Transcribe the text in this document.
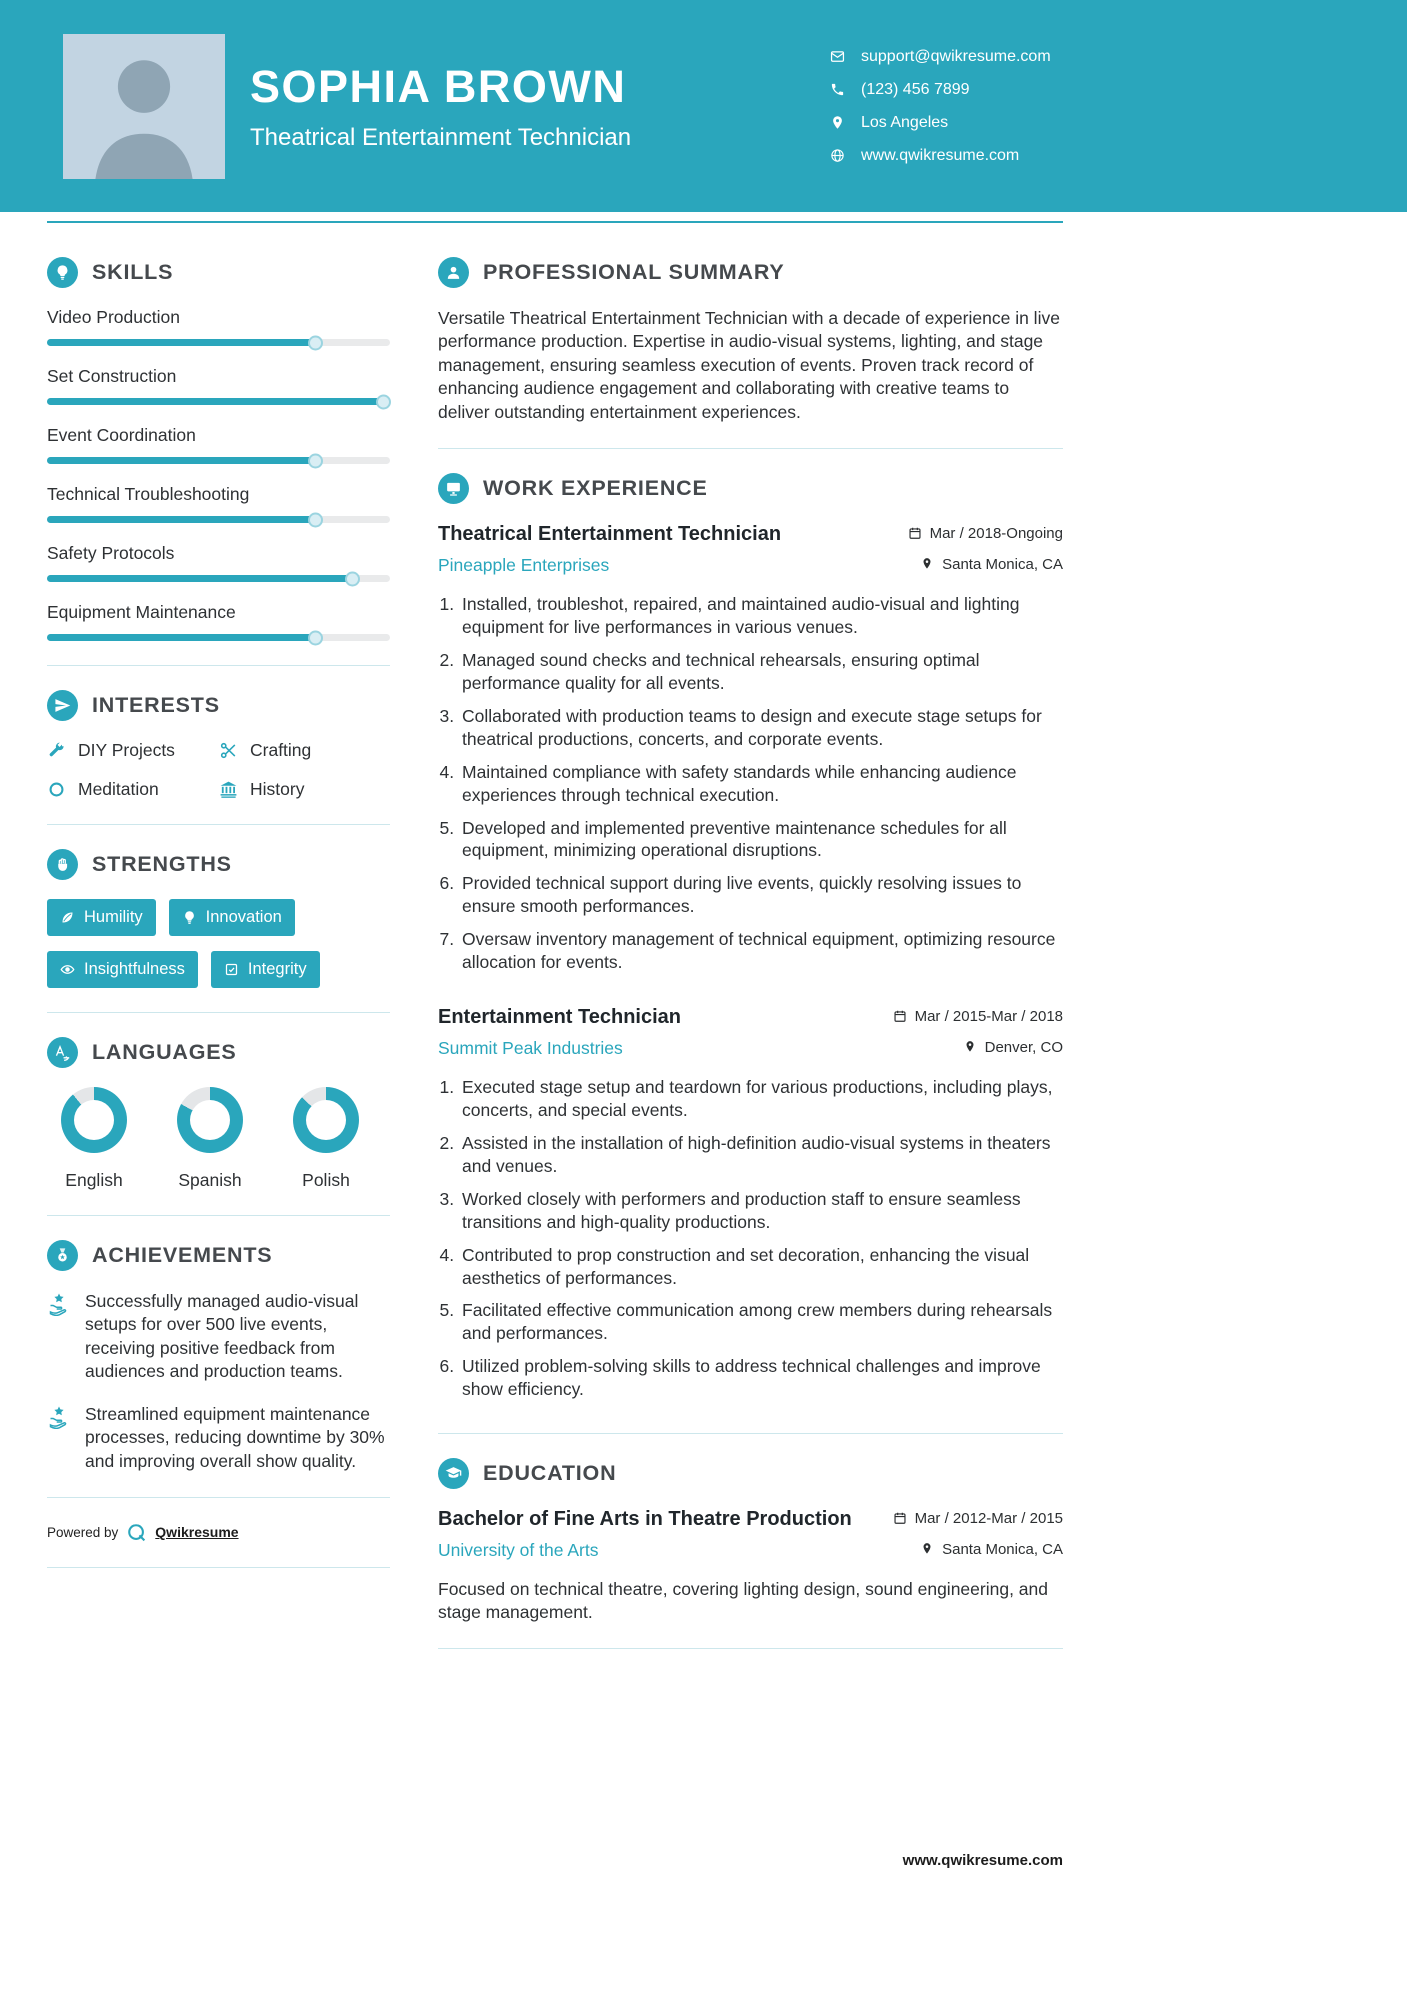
SOPHIA BROWN
Theatrical Entertainment Technician
support@qwikresume.com
(123) 456 7899
Los Angeles
www.qwikresume.com
SKILLS
Video Production
Set Construction
Event Coordination
Technical Troubleshooting
Safety Protocols
Equipment Maintenance
INTERESTS
DIY Projects	Crafting
Meditation	History
STRENGTHS
Humility	Innovation
Insightfulness	Integrity
LANGUAGES
English	Spanish	Polish
ACHIEVEMENTS

Successfully managed audio-visual setups for over 500 live events, receiving positive feedback from audiences and production teams.

Streamlined equipment maintenance processes, reducing downtime by 30% and improving overall show quality.

Powered by	Qwikresume
PROFESSIONAL SUMMARY

Versatile Theatrical Entertainment Technician with a decade of experience in live performance production. Expertise in audio-visual systems, lighting, and stage management, ensuring seamless execution of events. Proven track record of enhancing audience engagement and collaborating with creative teams to deliver outstanding entertainment experiences.

WORK EXPERIENCE
Theatrical Entertainment Technician	Mar / 2018-Ongoing
Pineapple Enterprises	Santa Monica, CA
1. Installed, troubleshot, repaired, and maintained audio-visual and lighting equipment for live performances in various venues.
2. Managed sound checks and technical rehearsals, ensuring optimal performance quality for all events.
3. Collaborated with production teams to design and execute stage setups for theatrical productions, concerts, and corporate events.
4. Maintained compliance with safety standards while enhancing audience experiences through technical execution.
5. Developed and implemented preventive maintenance schedules for all equipment, minimizing operational disruptions.
6. Provided technical support during live events, quickly resolving issues to ensure smooth performances.
7. Oversaw inventory management of technical equipment, optimizing resource allocation for events.
Entertainment Technician	Mar / 2015-Mar / 2018
Summit Peak Industries	Denver, CO
1. Executed stage setup and teardown for various productions, including plays, concerts, and special events.
2. Assisted in the installation of high-definition audio-visual systems in theaters and venues.
3. Worked closely with performers and production staff to ensure seamless transitions and high-quality productions.
4. Contributed to prop construction and set decoration, enhancing the visual aesthetics of performances.
5. Facilitated effective communication among crew members during rehearsals and performances.
6. Utilized problem-solving skills to address technical challenges and improve show efficiency.
EDUCATION
Bachelor of Fine Arts in Theatre Production	Mar / 2012-Mar / 2015
University of the Arts	Santa Monica, CA

Focused on technical theatre, covering lighting design, sound engineering, and stage management.

www.qwikresume.com
